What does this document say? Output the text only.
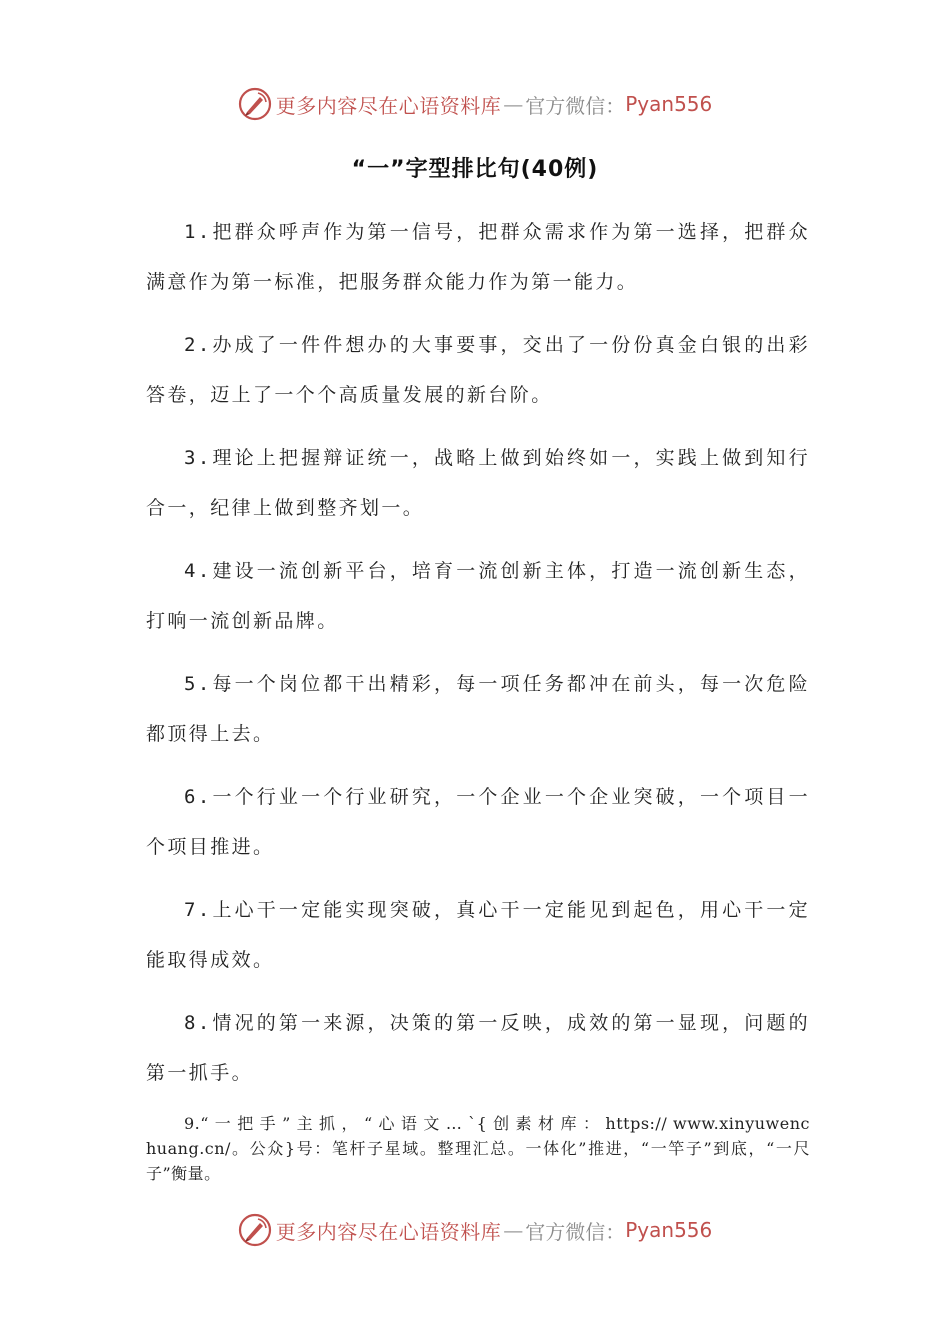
更多内容尽在心语资料库 — 官方微信： Pyan556
“一”字型排比句(40例)

1.把群众呼声作为第一信号，把群众需求作为第一选择，把群众满意作为第一标准，把服务群众能力作为第一能力。

2.办成了一件件想办的大事要事，交出了一份份真金白银的出彩答卷，迈上了一个个高质量发展的新台阶。

3.理论上把握辩证统一，战略上做到始终如一，实践上做到知行合一，纪律上做到整齐划一。

4.建设一流创新平台，培育一流创新主体，打造一流创新生态，打响一流创新品牌。

5.每一个岗位都干出精彩，每一项任务都冲在前头，每一次危险都顶得上去。

6.一个行业一个行业研究，一个企业一个企业突破，一个项目一个项目推进。

7.上心干一定能实现突破，真心干一定能见到起色，用心干一定能取得成效。

8.情况的第一来源，决策的第一反映，成效的第一显现，问题的第一抓手。

9.“ 一 把 手 ” 主 抓 ， “ 心 语 文 … `{ 创 素 材 库 ： https:// www.xinyuwenchuang.cn/。公众}号：笔杆子星域。整理汇总。一体化”推进，“一竿子”到底，“一尺子”衡量。

更多内容尽在心语资料库 — 官方微信： Pyan556
